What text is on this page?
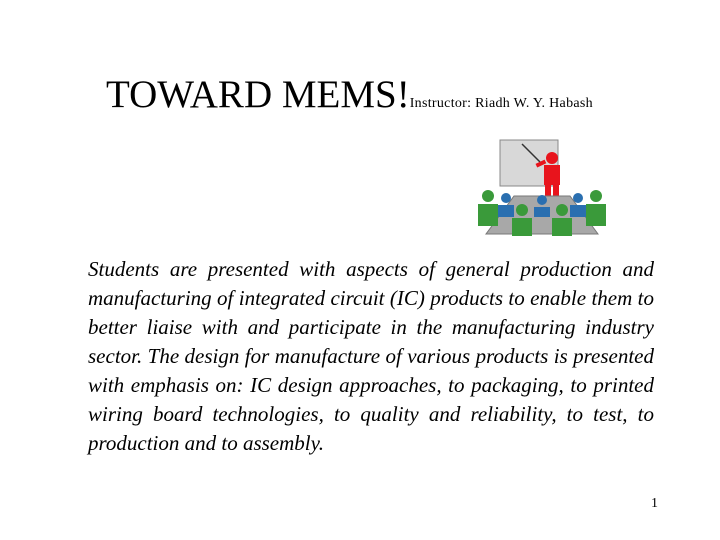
TOWARD MEMS!Instructor: Riadh W. Y. Habash
Students are presented with aspects of general production and manufacturing of integrated circuit (IC) products to enable them to better liaise with and participate in the manufacturing industry sector. The design for manufacture of various products is presented with emphasis on: IC design approaches, to packaging, to printed wiring board technologies, to quality and reliability, to test, to production and to assembly.
1
